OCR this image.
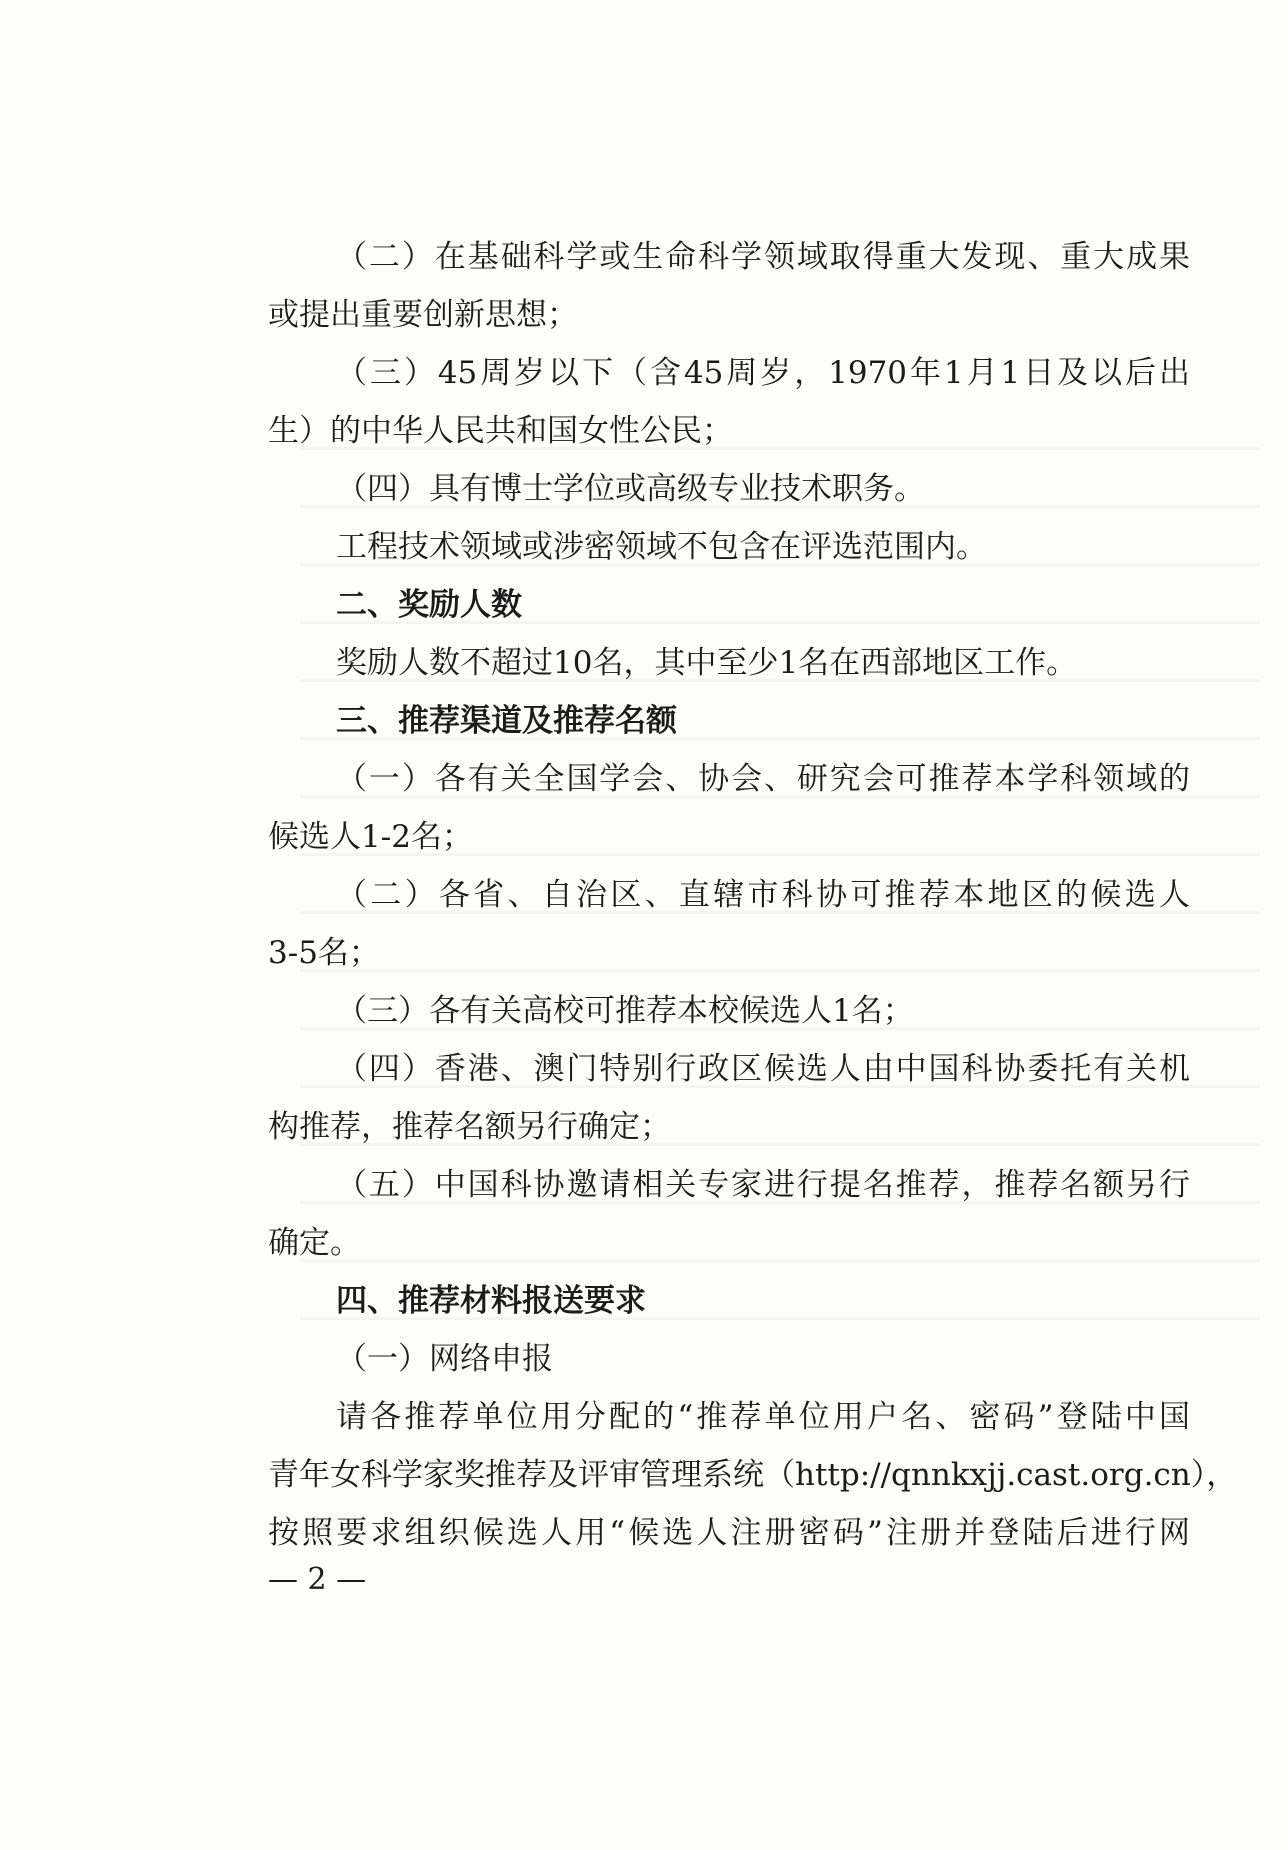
（二）在基础科学或生命科学领域取得重大发现、重大成果

或提出重要创新思想；

（三）45周岁以下（含45周岁，1970年1月1日及以后出

生）的中华人民共和国女性公民；

（四）具有博士学位或高级专业技术职务。

工程技术领域或涉密领域不包含在评选范围内。

二、奖励人数

奖励人数不超过10名，其中至少1名在西部地区工作。

三、推荐渠道及推荐名额

（一）各有关全国学会、协会、研究会可推荐本学科领域的

候选人1-2名；

（二）各省、自治区、直辖市科协可推荐本地区的候选人

3-5名；

（三）各有关高校可推荐本校候选人1名；

（四）香港、澳门特别行政区候选人由中国科协委托有关机

构推荐，推荐名额另行确定；

（五）中国科协邀请相关专家进行提名推荐，推荐名额另行

确定。

四、推荐材料报送要求

（一）网络申报

请各推荐单位用分配的“推荐单位用户名、密码”登陆中国

青年女科学家奖推荐及评审管理系统（http://qnnkxjj.cast.org.cn），

按照要求组织候选人用“候选人注册密码”注册并登陆后进行网

— 2 —
